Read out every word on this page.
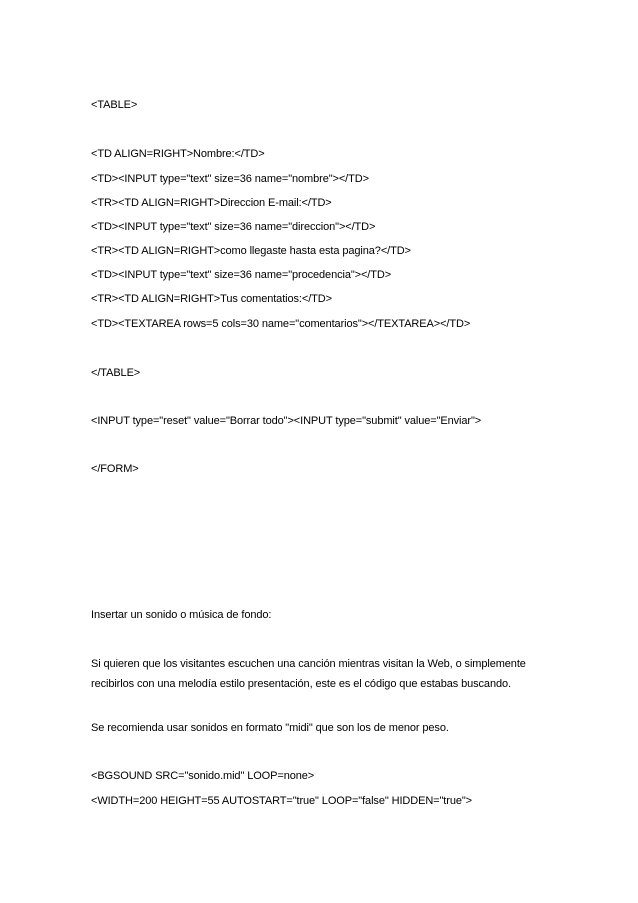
<TABLE>
<TD ALIGN=RIGHT>Nombre:</TD>
<TD><INPUT type="text" size=36 name="nombre"></TD>
<TR><TD ALIGN=RIGHT>Direccion E-mail:</TD>
<TD><INPUT type="text" size=36 name="direccion"></TD>
<TR><TD ALIGN=RIGHT>como llegaste hasta esta pagina?</TD>
<TD><INPUT type="text" size=36 name="procedencia"></TD>
<TR><TD ALIGN=RIGHT>Tus comentatios:</TD>
<TD><TEXTAREA rows=5 cols=30 name="comentarios"></TEXTAREA></TD>
</TABLE>
<INPUT type="reset" value="Borrar todo"><INPUT type="submit" value="Enviar">
</FORM>
Insertar un sonido o música de fondo:
Si quieren que los visitantes escuchen una canción mientras visitan la Web, o simplemente recibirlos con una melodía estilo presentación, este es el código que estabas buscando.
Se recomienda usar sonidos en formato "midi" que son los de menor peso.
<BGSOUND SRC="sonido.mid" LOOP=none>
<WIDTH=200 HEIGHT=55 AUTOSTART="true" LOOP="false" HIDDEN="true">
